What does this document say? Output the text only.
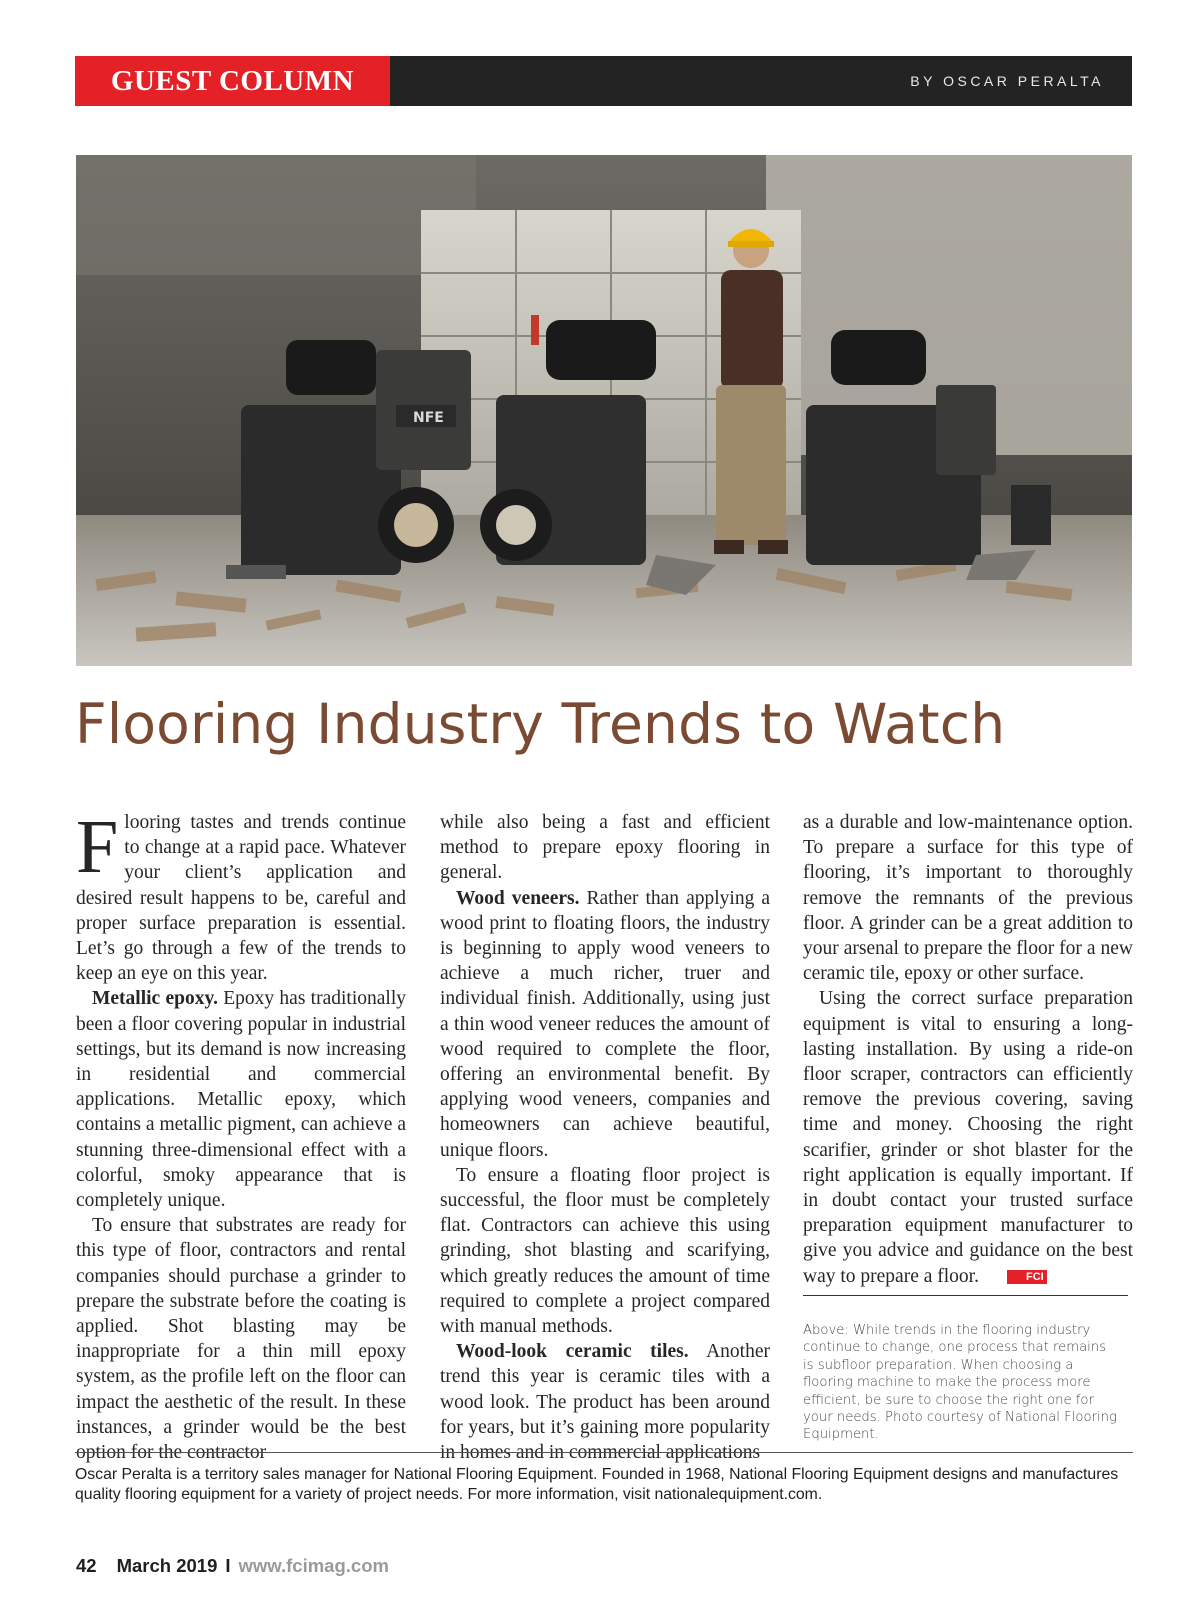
GUEST COLUMN	BY OSCAR PERALTA
NFE
Flooring Industry Trends to Watch

Flooring tastes and trends continue to change at a rapid pace. Whatever your client’s application and desired result happens to be, careful and proper surface preparation is essential. Let’s go through a few of the trends to keep an eye on this year.

Metallic epoxy. Epoxy has traditionally been a floor covering popular in industrial settings, but its demand is now increasing in residential and commercial applications. Metallic epoxy, which contains a metallic pigment, can achieve a stunning three-dimensional effect with a colorful, smoky appearance that is completely unique.

To ensure that substrates are ready for this type of floor, contractors and rental companies should purchase a grinder to prepare the substrate before the coating is applied. Shot blasting may be inappropriate for a thin mill epoxy system, as the profile left on the floor can impact the aesthetic of the result. In these instances, a grinder would be the best option for the contractor

while also being a fast and efficient method to prepare epoxy flooring in general.

Wood veneers. Rather than applying a wood print to floating floors, the industry is beginning to apply wood veneers to achieve a much richer, truer and individual finish. Additionally, using just a thin wood veneer reduces the amount of wood required to complete the floor, offering an environmental benefit. By applying wood veneers, companies and homeowners can achieve beautiful, unique floors.

To ensure a floating floor project is successful, the floor must be completely flat. Contractors can achieve this using grinding, shot blasting and scarifying, which greatly reduces the amount of time required to complete a project compared with manual methods.

Wood-look ceramic tiles. Another trend this year is ceramic tiles with a wood look. The product has been around for years, but it’s gaining more popularity in homes and in commercial applications

as a durable and low-maintenance option. To prepare a surface for this type of flooring, it’s important to thoroughly remove the remnants of the previous floor. A grinder can be a great addition to your arsenal to prepare the floor for a new ceramic tile, epoxy or other surface.

Using the correct surface preparation equipment is vital to ensuring a long-lasting installation. By using a ride-on floor scraper, contractors can efficiently remove the previous covering, saving time and money. Choosing the right scarifier, grinder or shot blaster for the right application is equally important. If in doubt contact your trusted surface preparation equipment manufacturer to give you advice and guidance on the best way to prepare a floor.	FCI

Above: While trends in the flooring industry continue to change, one process that remains is subfloor preparation. When choosing a flooring machine to make the process more efficient, be sure to choose the right one for your needs. Photo courtesy of National Flooring Equipment.
Oscar Peralta is a territory sales manager for National Flooring Equipment. Founded in 1968, National Flooring Equipment designs and manufactures quality flooring equipment for a variety of project needs. For more information, visit nationalequipment.com.
42 March 2019 I www.fcimag.com
